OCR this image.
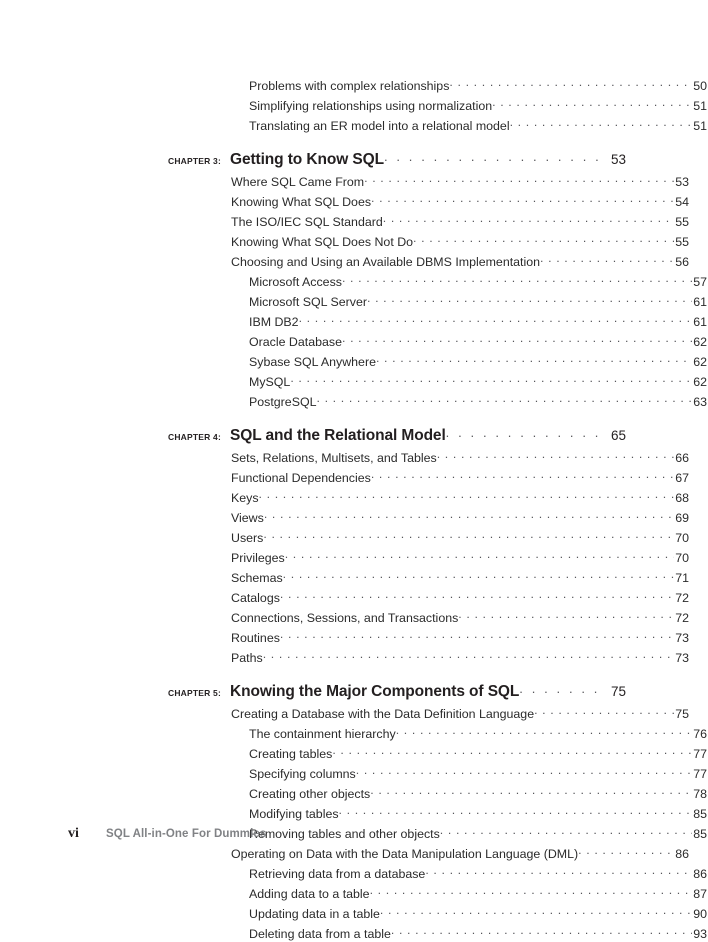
Problems with complex relationships . . .	50
Simplifying relationships using normalization . . .	51
Translating an ER model into a relational model . . .	51
CHAPTER 3: Getting to Know SQL . . .	53
Where SQL Came From . . .	53
Knowing What SQL Does . . .	54
The ISO/IEC SQL Standard . . .	55
Knowing What SQL Does Not Do . . .	55
Choosing and Using an Available DBMS Implementation . . .	56
Microsoft Access . . .	57
Microsoft SQL Server . . .	61
IBM DB2 . . .	61
Oracle Database . . .	62
Sybase SQL Anywhere . . .	62
MySQL . . .	62
PostgreSQL . . .	63
CHAPTER 4: SQL and the Relational Model . . .	65
Sets, Relations, Multisets, and Tables . . .	66
Functional Dependencies . . .	67
Keys . . .	68
Views . . .	69
Users . . .	70
Privileges . . .	70
Schemas . . .	71
Catalogs . . .	72
Connections, Sessions, and Transactions . . .	72
Routines . . .	73
Paths . . .	73
CHAPTER 5: Knowing the Major Components of SQL . . .	75
Creating a Database with the Data Definition Language . . .	75
The containment hierarchy . . .	76
Creating tables . . .	77
Specifying columns . . .	77
Creating other objects . . .	78
Modifying tables . . .	85
Removing tables and other objects . . .	85
Operating on Data with the Data Manipulation Language (DML) . . .	86
Retrieving data from a database . . .	86
Adding data to a table . . .	87
Updating data in a table . . .	90
Deleting data from a table . . .	93
vi	SQL All-in-One For Dummies
